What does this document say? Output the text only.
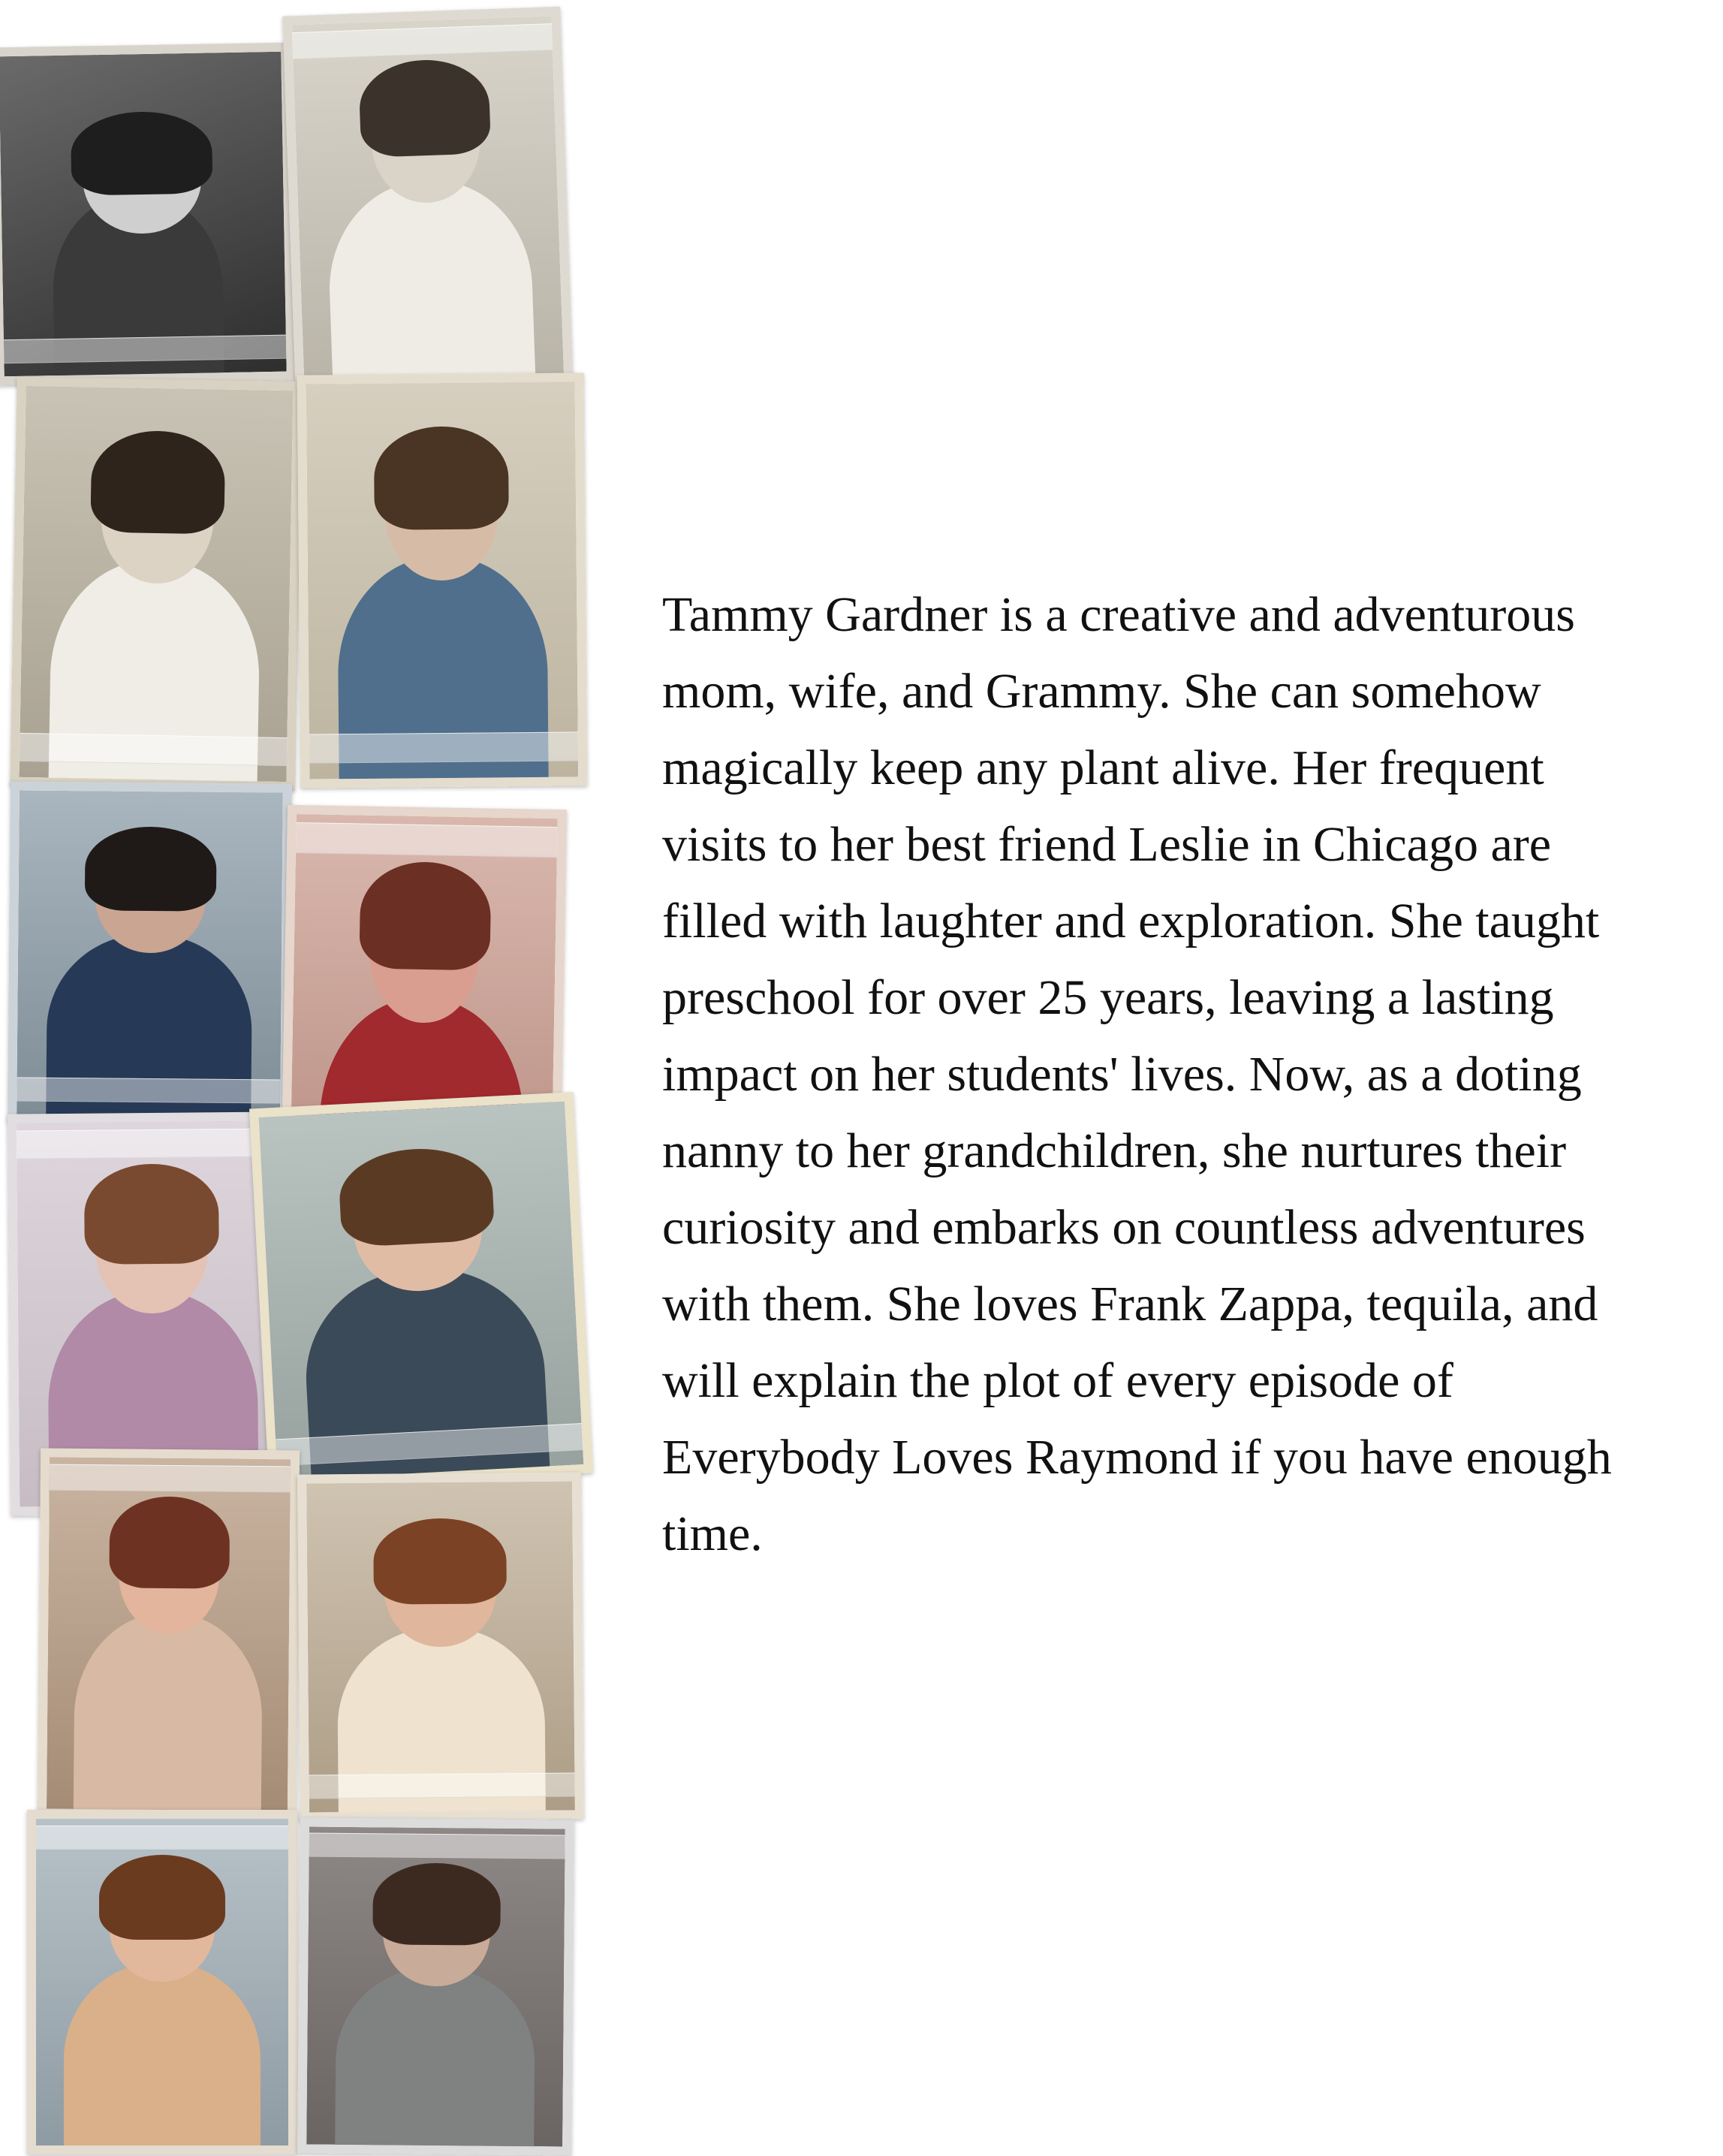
Tammy Gardner is a creative and adventurous mom, wife, and Grammy. She can somehow magically keep any plant alive. Her frequent visits to her best friend Leslie in Chicago are filled with laughter and exploration. She taught preschool for over 25 years, leaving a lasting impact on her students' lives. Now, as a doting nanny to her grandchildren, she nurtures their curiosity and embarks on countless adventures with them. She loves Frank Zappa, tequila, and will explain the plot of every episode of Everybody Loves Raymond if you have enough time.
